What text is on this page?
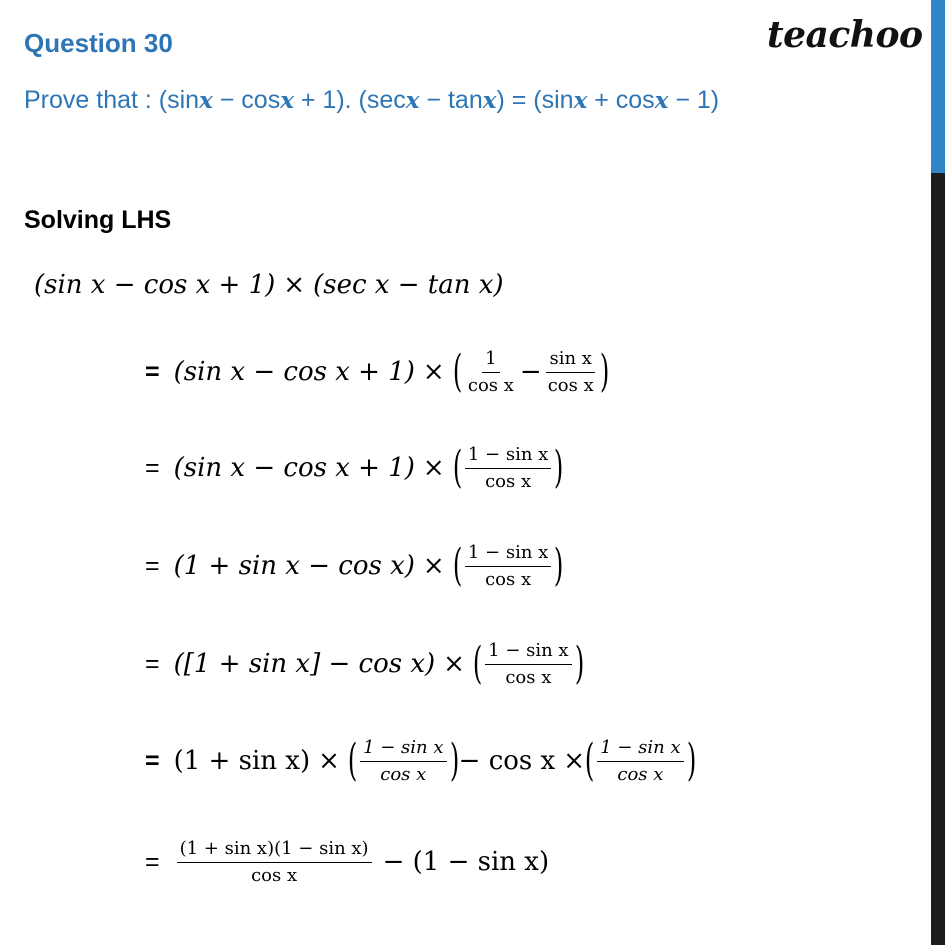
Question 30	teachoo
Prove that : (sinx − cosx + 1). (secx − tanx) = (sinx + cosx − 1)
Solving LHS
(sin x − cos x + 1) × (sec x − tan x)
= (sin x − cos x + 1) × ( $\frac{1}{\text{cos x}} - \frac{\text{sin x}}{\text{cos x}}$ )
= (sin x − cos x + 1) × ( $\frac{\text{1 − sin x}}{\text{cos x}}$ )
= (1 + sin x − cos x) × ( $\frac{\text{1 − sin x}}{\text{cos x}}$ )
= ([1 + sin x] − cos x) × ( $\frac{\text{1 − sin x}}{\text{cos x}}$ )
= (1 + sin x) × ( $\frac{\text{1 − sin x}}{\text{cos x}}$ ) − cos x × ( $\frac{\text{1 − sin x}}{\text{cos x}}$ )
= $\frac{\text{(1 + sin x)(1 − sin x)}}{\text{cos x}} - (1 - \sin x)$
